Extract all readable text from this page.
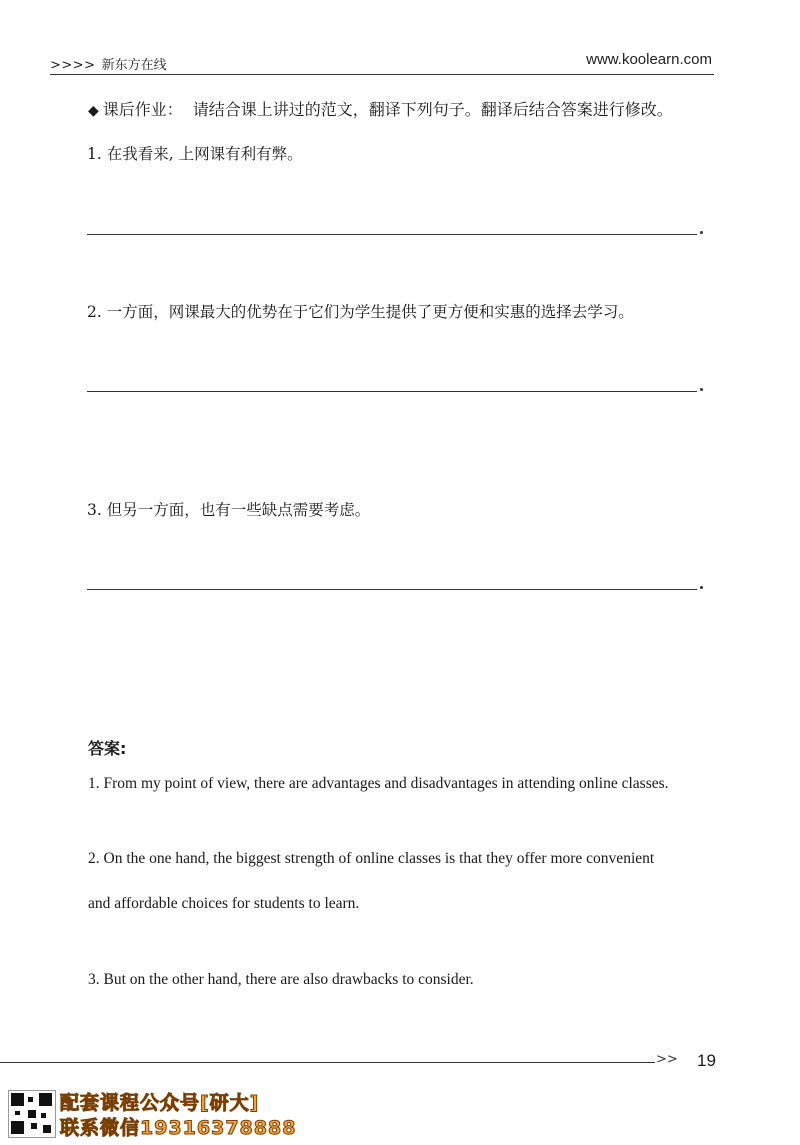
>>>> 新东方在线	www.koolearn.com
◆ 课后作业： 请结合课上讲过的范文，翻译下列句子。翻译后结合答案进行修改。
1. 在我看来, 上网课有利有弊。
2. 一方面，网课最大的优势在于它们为学生提供了更方便和实惠的选择去学习。
3. 但另一方面，也有一些缺点需要考虑。
答案:
1. From my point of view, there are advantages and disadvantages in attending online classes.
2. On the one hand, the biggest strength of online classes is that they offer more convenient
and affordable choices for students to learn.
3. But on the other hand, there are also drawbacks to consider.
>> 19
配套课程公众号[研大]
联系微信19316378888
